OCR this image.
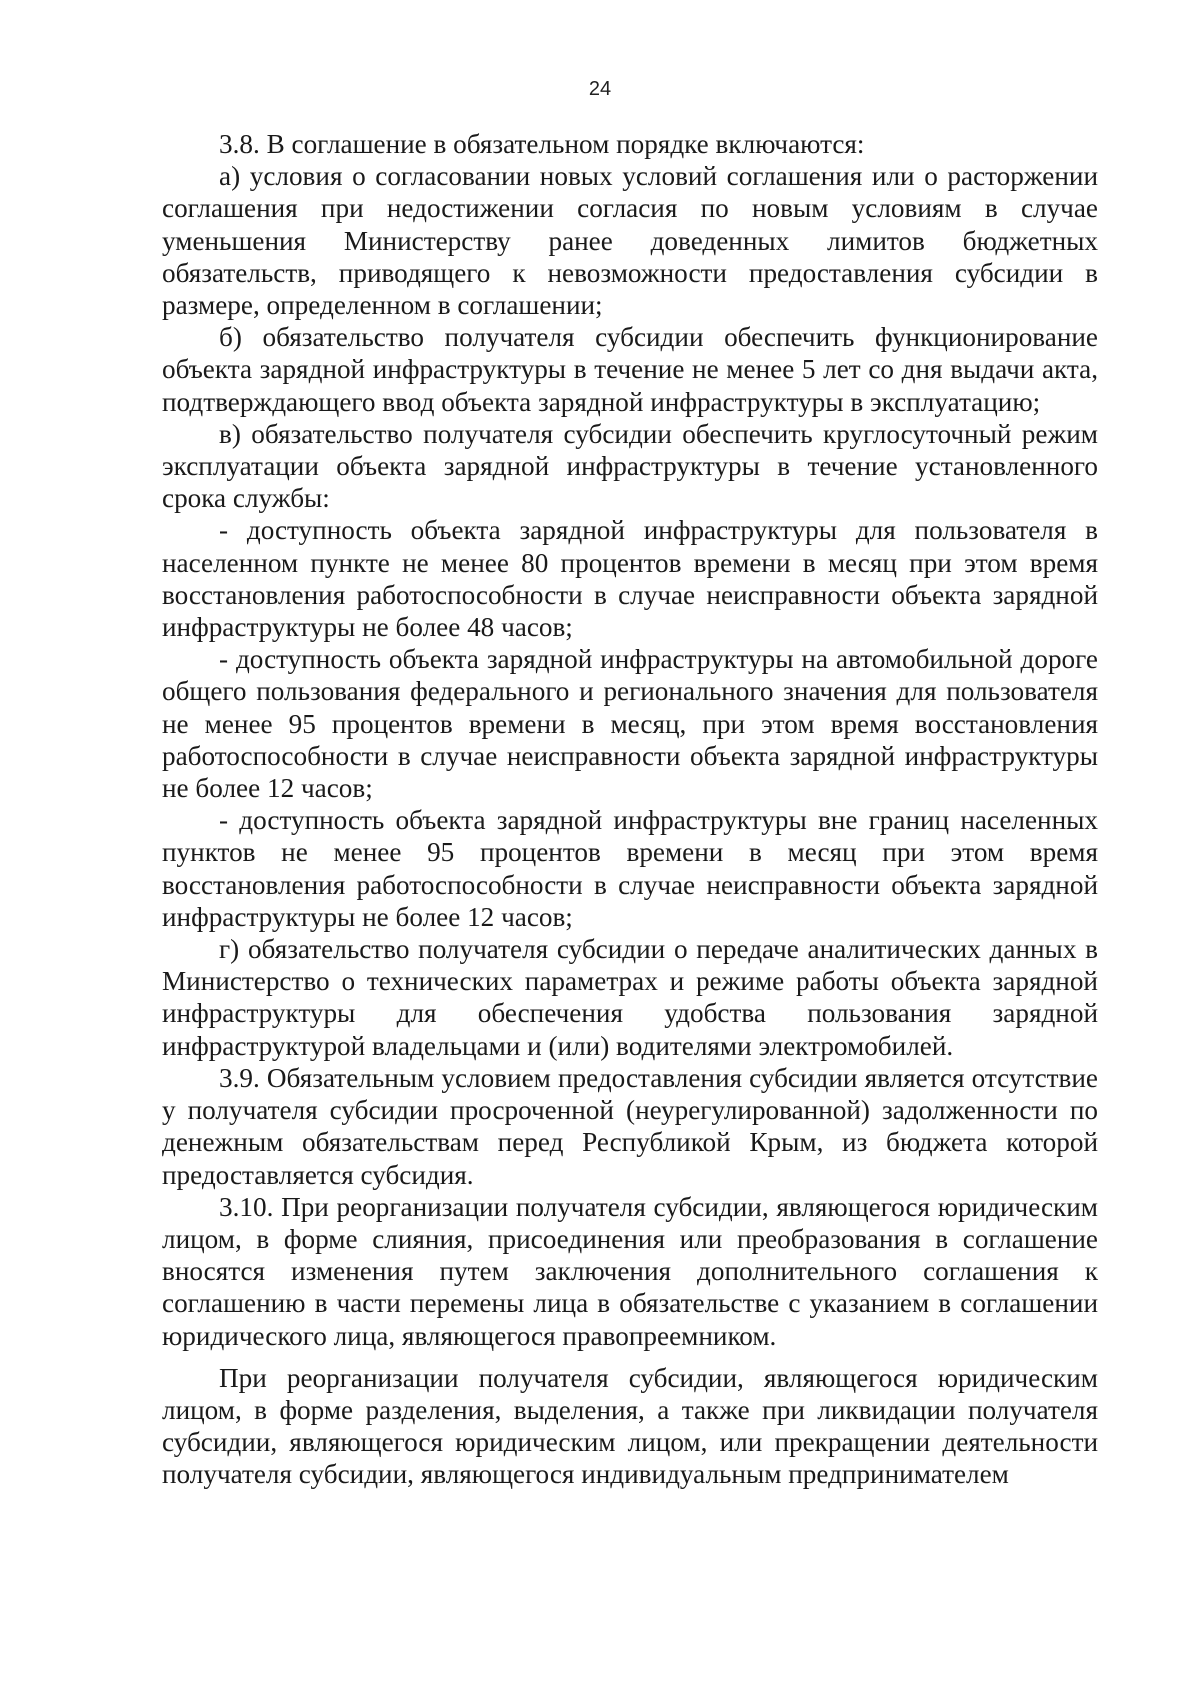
24

3.8. В соглашение в обязательном порядке включаются:

а) условия о согласовании новых условий соглашения или о расторжении соглашения при недостижении согласия по новым условиям в случае уменьшения Министерству ранее доведенных лимитов бюджетных обязательств, приводящего к невозможности предоставления субсидии в размере, определенном в соглашении;

б) обязательство получателя субсидии обеспечить функционирование объекта зарядной инфраструктуры в течение не менее 5 лет со дня выдачи акта, подтверждающего ввод объекта зарядной инфраструктуры в эксплуатацию;

в) обязательство получателя субсидии обеспечить круглосуточный режим эксплуатации объекта зарядной инфраструктуры в течение установленного срока службы:

- доступность объекта зарядной инфраструктуры для пользователя в населенном пункте не менее 80 процентов времени в месяц при этом время восстановления работоспособности в случае неисправности объекта зарядной инфраструктуры не более 48 часов;

- доступность объекта зарядной инфраструктуры на автомобильной дороге общего пользования федерального и регионального значения для пользователя не менее 95 процентов времени в месяц, при этом время восстановления работоспособности в случае неисправности объекта зарядной инфраструктуры не более 12 часов;

- доступность объекта зарядной инфраструктуры вне границ населенных пунктов не менее 95 процентов времени в месяц при этом время восстановления работоспособности в случае неисправности объекта зарядной инфраструктуры не более 12 часов;

г) обязательство получателя субсидии о передаче аналитических данных в Министерство о технических параметрах и режиме работы объекта зарядной инфраструктуры для обеспечения удобства пользования зарядной инфраструктурой владельцами и (или) водителями электромобилей.

3.9. Обязательным условием предоставления субсидии является отсутствие у получателя субсидии просроченной (неурегулированной) задолженности по денежным обязательствам перед Республикой Крым, из бюджета которой предоставляется субсидия.

3.10. При реорганизации получателя субсидии, являющегося юридическим лицом, в форме слияния, присоединения или преобразования в соглашение вносятся изменения путем заключения дополнительного соглашения к соглашению в части перемены лица в обязательстве с указанием в соглашении юридического лица, являющегося правопреемником.

При реорганизации получателя субсидии, являющегося юридическим лицом, в форме разделения, выделения, а также при ликвидации получателя субсидии, являющегося юридическим лицом, или прекращении деятельности получателя субсидии, являющегося индивидуальным предпринимателем
